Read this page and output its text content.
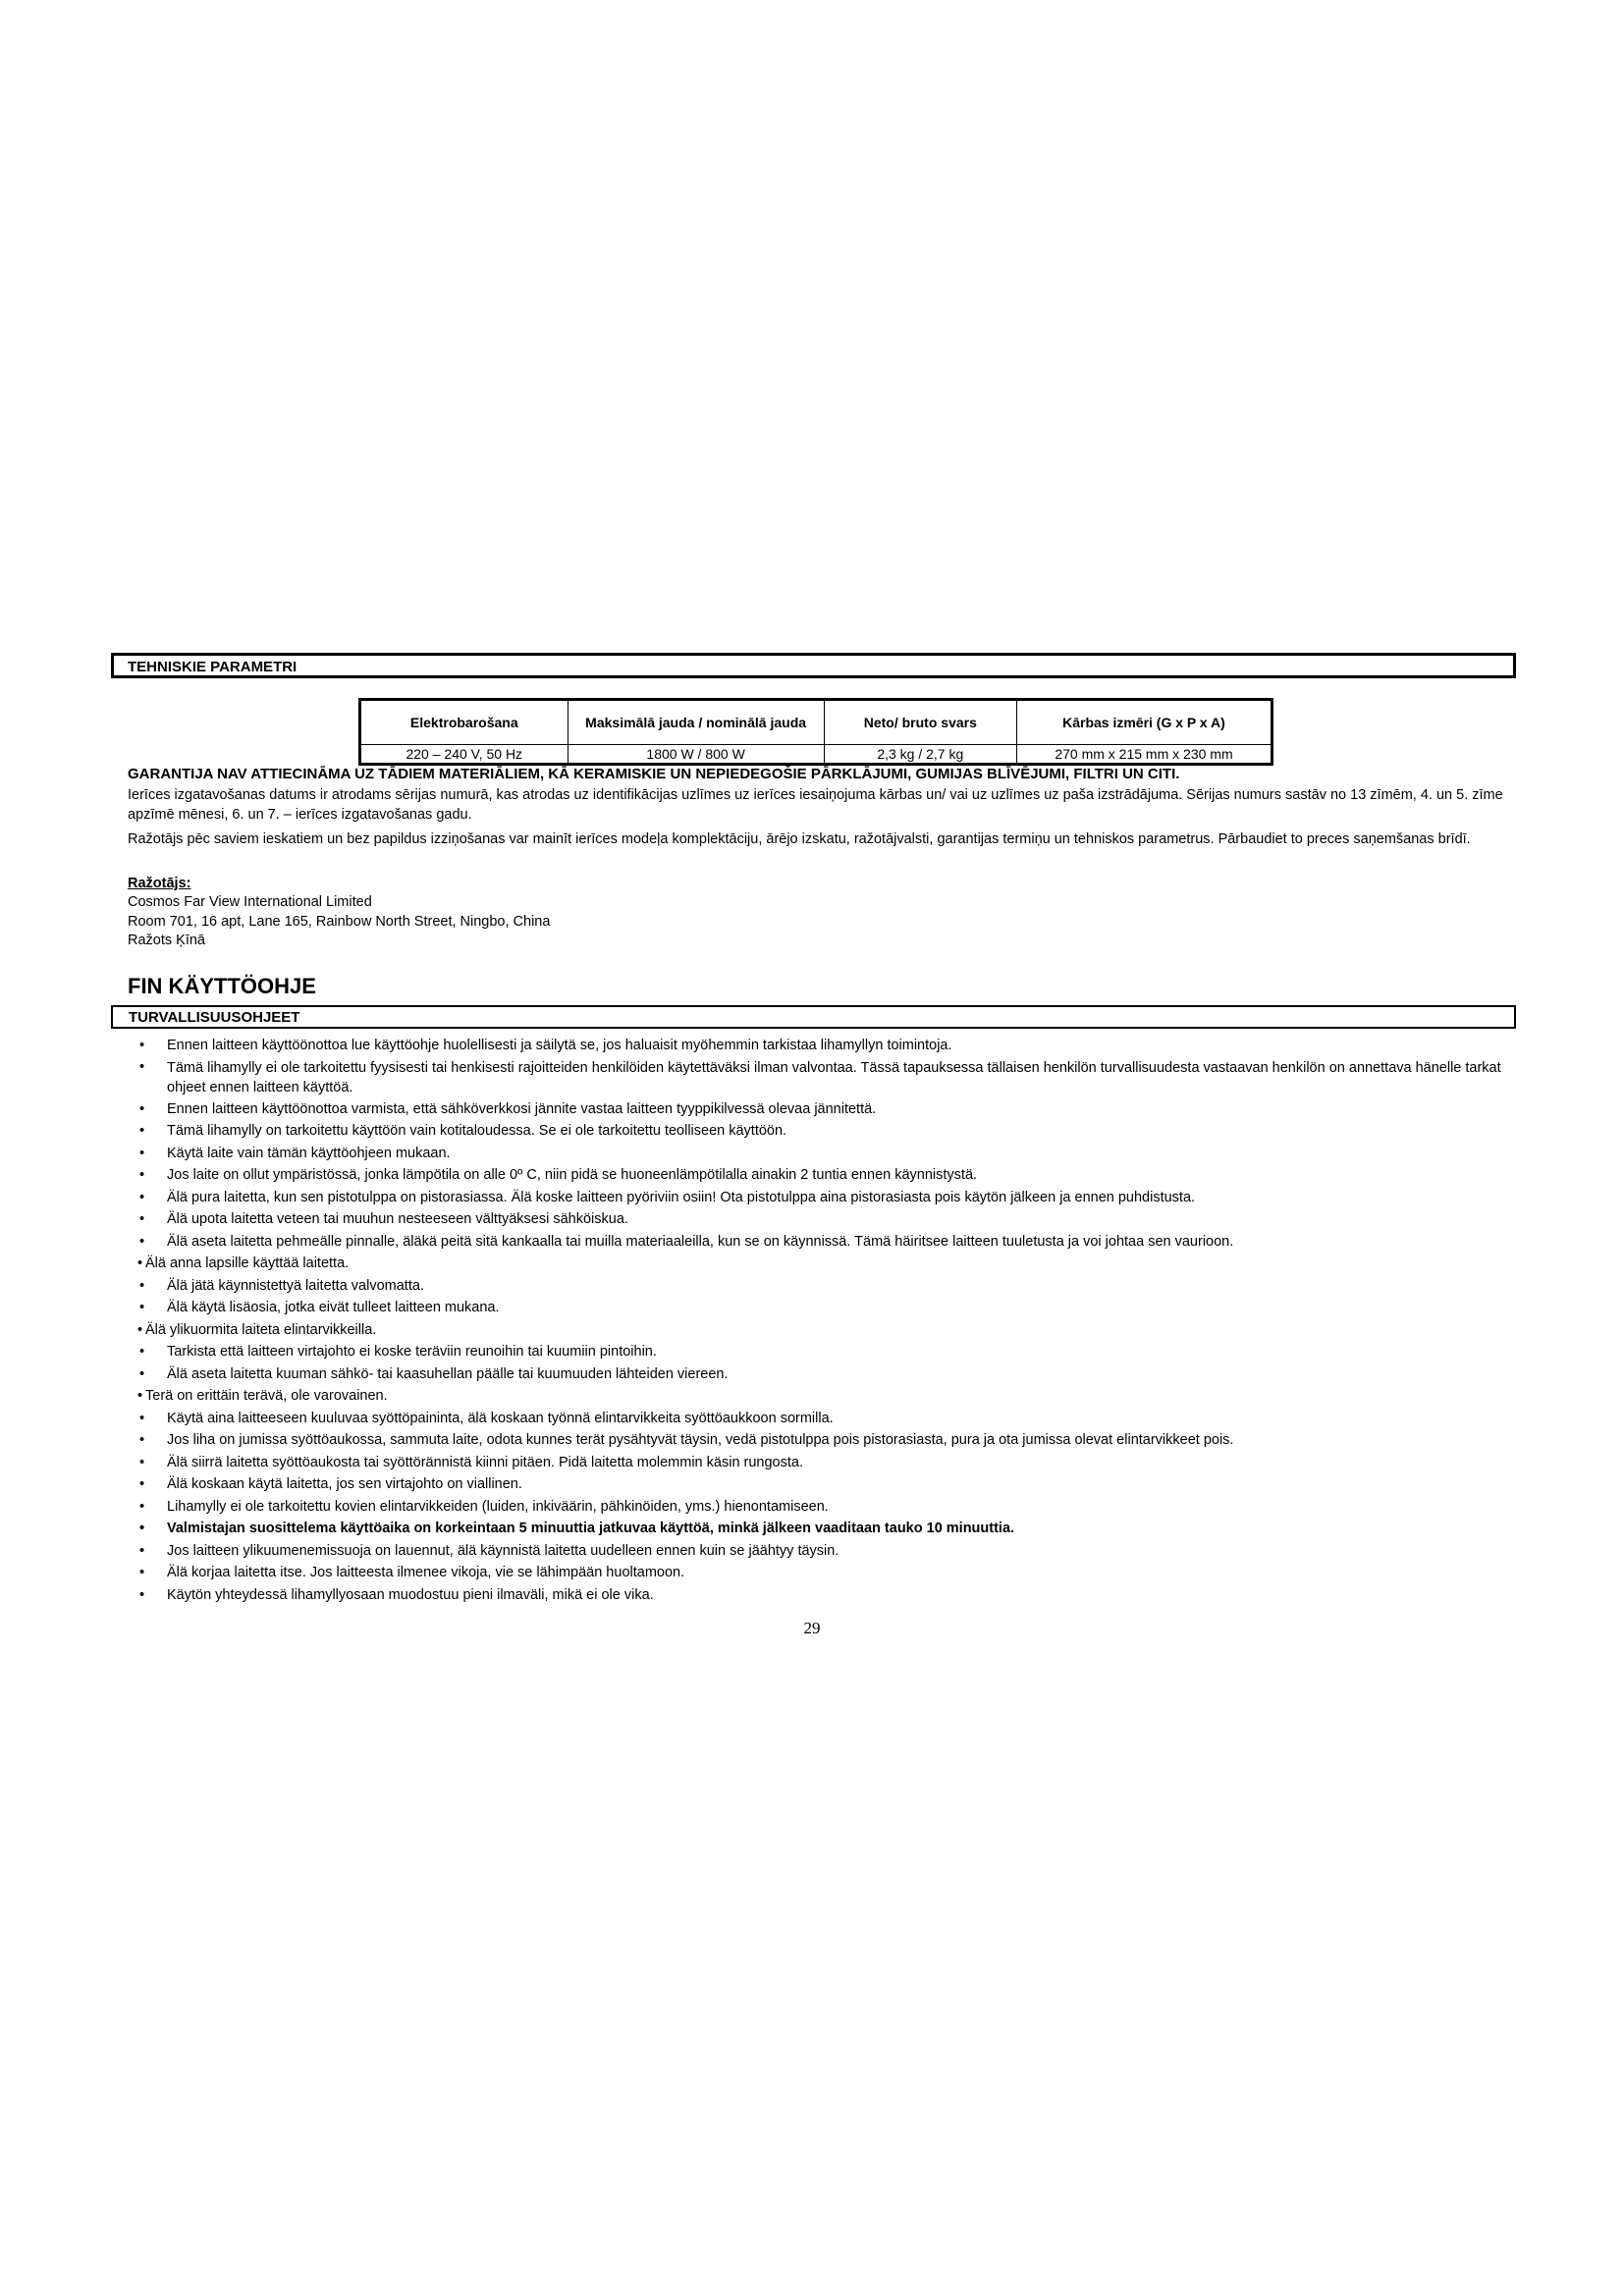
TEHNISKIE PARAMETRI
Elektrobarošana	Maksimālā jauda / nominālā jauda	Neto/ bruto svars	Kārbas izmēri (G x P x A)
220 – 240 V, 50 Hz	1800 W / 800 W	2,3 kg / 2,7 kg	270 mm x 215 mm x 230 mm
GARANTIJA NAV ATTIECINĀMA UZ TĀDIEM MATERIĀLIEM, KĀ KERAMISKIE UN NEPIEDEGOŠIE PĀRKLĀJUMI, GUMIJAS BLĪVĒJUMI, FILTRI UN CITI.
Ierīces izgatavošanas datums ir atrodams sērijas numurā, kas atrodas uz identifikācijas uzlīmes uz ierīces iesaiņojuma kārbas un/ vai uz uzlīmes uz paša izstrādājuma. Sērijas numurs sastāv no 13 zīmēm, 4. un 5. zīme apzīmē mēnesi, 6. un 7. – ierīces izgatavošanas gadu.
Ražotājs pēc saviem ieskatiem un bez papildus izziņošanas var mainīt ierīces modeļa komplektāciju, ārējo izskatu, ražotājvalsti, garantijas termiņu un tehniskos parametrus. Pārbaudiet to preces saņemšanas brīdī.
Ražotājs:
Cosmos Far View International Limited
Room 701, 16 apt, Lane 165, Rainbow North Street, Ningbo, China
Ražots Ķīnā
FIN KÄYTTÖOHJE
TURVALLISUUSOHJEET
• Ennen laitteen käyttöönottoa lue käyttöohje huolellisesti ja säilytä se, jos haluaisit myöhemmin tarkistaa lihamyllyn toimintoja.
• Tämä lihamylly ei ole tarkoitettu fyysisesti tai henkisesti rajoitteiden henkilöiden käytettäväksi ilman valvontaa. Tässä tapauksessa tällaisen henkilön turvallisuudesta vastaavan henkilön on annettava hänelle tarkat ohjeet ennen laitteen käyttöä.
• Ennen laitteen käyttöönottoa varmista, että sähköverkkosi jännite vastaa laitteen tyyppikilvessä olevaa jännitettä.
• Tämä lihamylly on tarkoitettu käyttöön vain kotitaloudessa. Se ei ole tarkoitettu teolliseen käyttöön.
• Käytä laite vain tämän käyttöohjeen mukaan.
• Jos laite on ollut ympäristössä, jonka lämpötila on alle 0º C, niin pidä se huoneenlämpötilalla ainakin 2 tuntia ennen käynnistystä.
• Älä pura laitetta, kun sen pistotulppa on pistorasiassa. Älä koske laitteen pyöriviin osiin! Ota pistotulppa aina pistorasiasta pois käytön jälkeen ja ennen puhdistusta.
• Älä upota laitetta veteen tai muuhun nesteeseen välttyäksesi sähköiskua.
• Älä aseta laitetta pehmeälle pinnalle, äläkä peitä sitä kankaalla tai muilla materiaaleilla, kun se on käynnissä. Tämä häiritsee laitteen tuuletusta ja voi johtaa sen vaurioon.
• Älä anna lapsille käyttää laitetta.
• Älä jätä käynnistettyä laitetta valvomatta.
• Älä käytä lisäosia, jotka eivät tulleet laitteen mukana.
• Älä ylikuormita laiteta elintarvikkeilla.
• Tarkista että laitteen virtajohto ei koske teräviin reunoihin tai kuumiin pintoihin.
• Älä aseta laitetta kuuman sähkö- tai kaasuhellan päälle tai kuumuuden lähteiden viereen.
• Terä on erittäin terävä, ole varovainen.
• Käytä aina laitteeseen kuuluvaa syöttöpaininta, älä koskaan työnnä elintarvikkeita syöttöaukkoon sormilla.
• Jos liha on jumissa syöttöaukossa, sammuta laite, odota kunnes terät pysähtyvät täysin, vedä pistotulppa pois pistorasiasta, pura ja ota jumissa olevat elintarvikkeet pois.
• Älä siirrä laitetta syöttöaukosta tai syöttörännistä kiinni pitäen. Pidä laitetta molemmin käsin rungosta.
• Älä koskaan käytä laitetta, jos sen virtajohto on viallinen.
• Lihamylly ei ole tarkoitettu kovien elintarvikkeiden (luiden, inkiväärin, pähkinöiden, yms.) hienontamiseen.
• Valmistajan suosittelema käyttöaika on korkeintaan 5 minuuttia jatkuvaa käyttöä, minkä jälkeen vaaditaan tauko 10 minuuttia.
• Jos laitteen ylikuumenemissuoja on lauennut, älä käynnistä laitetta uudelleen ennen kuin se jäähtyy täysin.
• Älä korjaa laitetta itse. Jos laitteesta ilmenee vikoja, vie se lähimpään huoltamoon.
• Käytön yhteydessä lihamyllyosaan muodostuu pieni ilmaväli, mikä ei ole vika.
29
